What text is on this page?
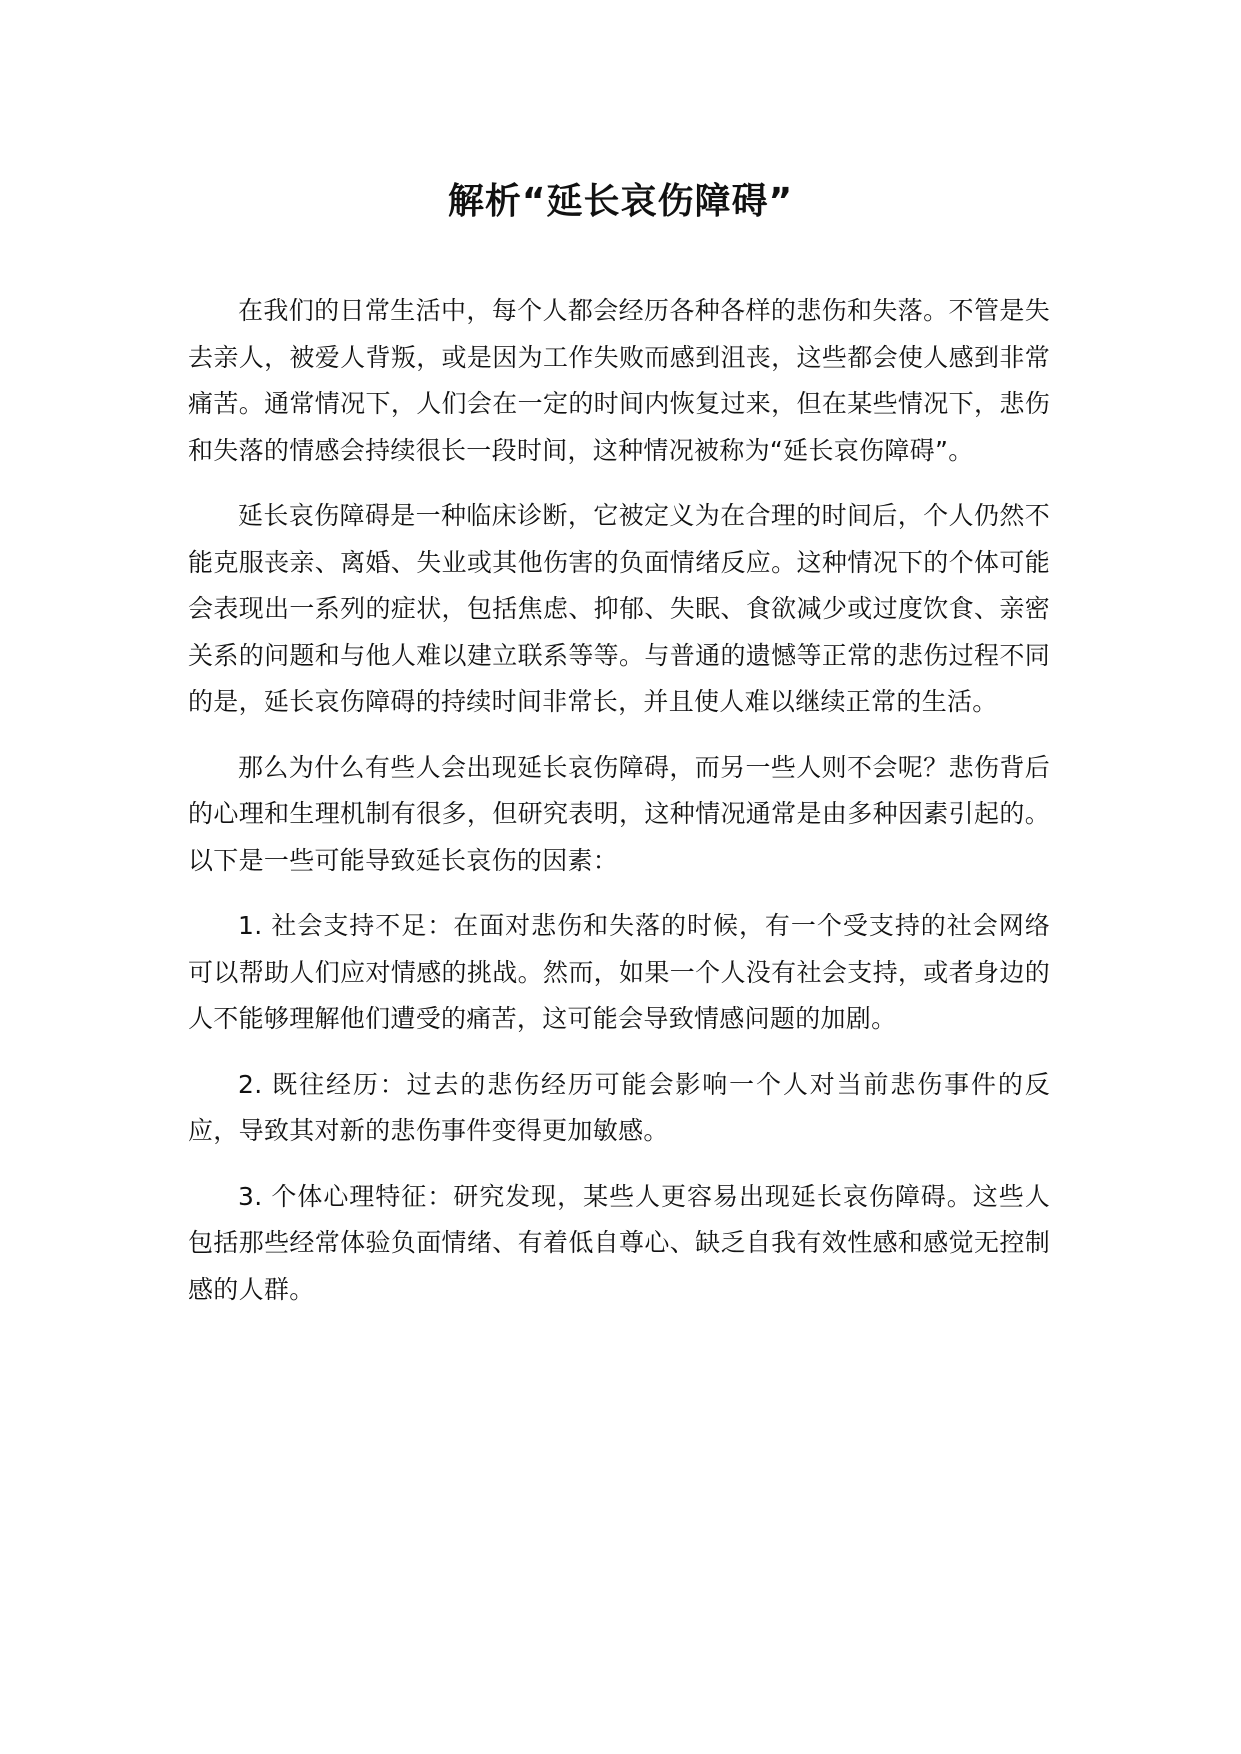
解析“延长哀伤障碍”

在我们的日常生活中，每个人都会经历各种各样的悲伤和失落。不管是失去亲人，被爱人背叛，或是因为工作失败而感到沮丧，这些都会使人感到非常痛苦。通常情况下，人们会在一定的时间内恢复过来，但在某些情况下，悲伤和失落的情感会持续很长一段时间，这种情况被称为“延长哀伤障碍”。

延长哀伤障碍是一种临床诊断，它被定义为在合理的时间后，个人仍然不能克服丧亲、离婚、失业或其他伤害的负面情绪反应。这种情况下的个体可能会表现出一系列的症状，包括焦虑、抑郁、失眠、食欲减少或过度饮食、亲密关系的问题和与他人难以建立联系等等。与普通的遗憾等正常的悲伤过程不同的是，延长哀伤障碍的持续时间非常长，并且使人难以继续正常的生活。

那么为什么有些人会出现延长哀伤障碍，而另一些人则不会呢？悲伤背后的心理和生理机制有很多，但研究表明，这种情况通常是由多种因素引起的。以下是一些可能导致延长哀伤的因素：

1. 社会支持不足：在面对悲伤和失落的时候，有一个受支持的社会网络可以帮助人们应对情感的挑战。然而，如果一个人没有社会支持，或者身边的人不能够理解他们遭受的痛苦，这可能会导致情感问题的加剧。

2. 既往经历：过去的悲伤经历可能会影响一个人对当前悲伤事件的反应，导致其对新的悲伤事件变得更加敏感。

3. 个体心理特征：研究发现，某些人更容易出现延长哀伤障碍。这些人包括那些经常体验负面情绪、有着低自尊心、缺乏自我有效性感和感觉无控制感的人群。
